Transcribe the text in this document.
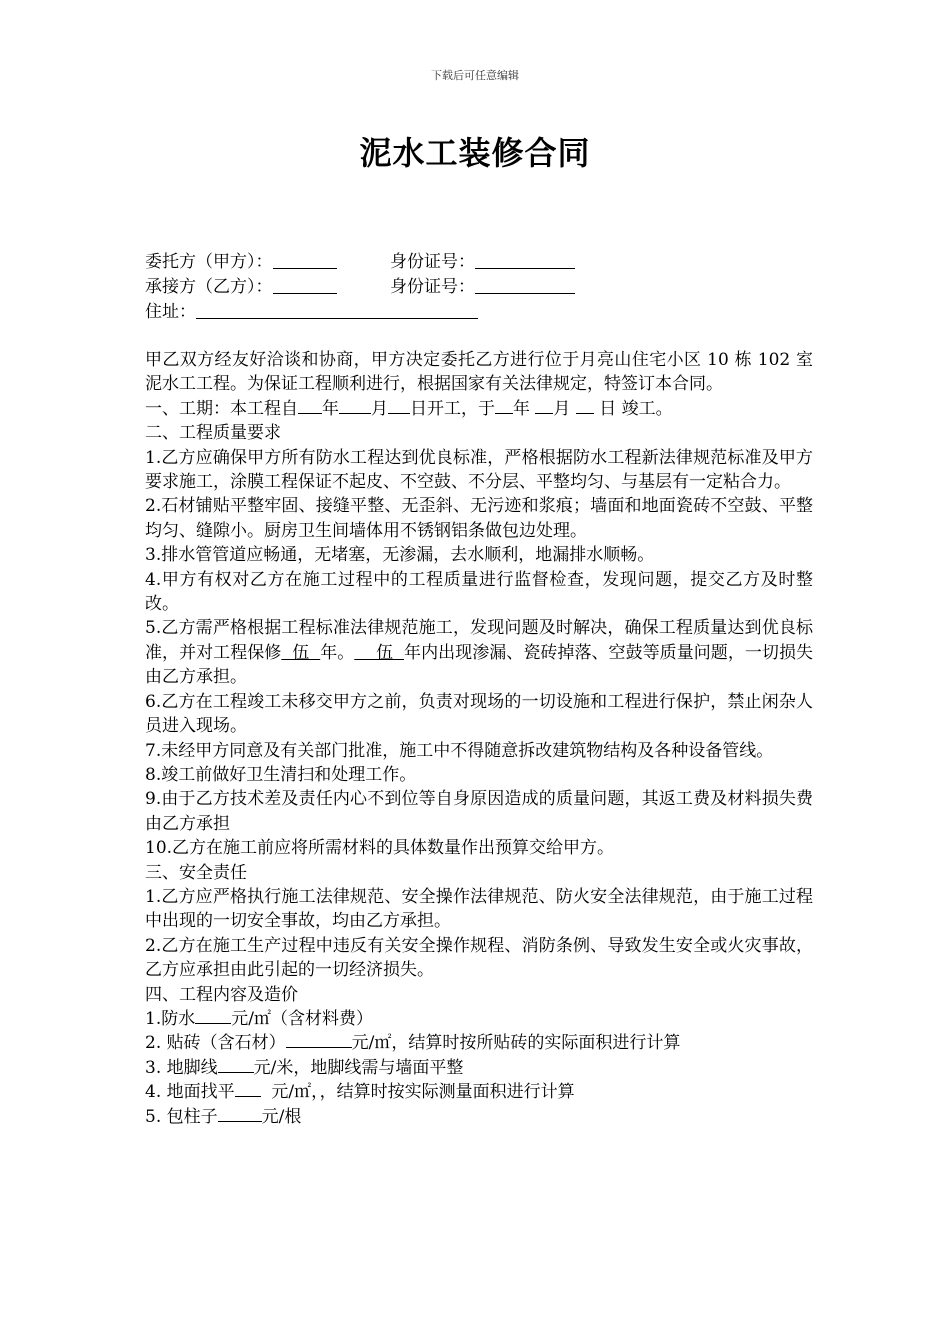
下载后可任意编辑
泥水工装修合同
委托方（甲方）：	身份证号：
承接方（乙方）：	身份证号：
住址：

甲乙双方经友好洽谈和协商，甲方决定委托乙方进行位于月亮山住宅小区 10 栋 102 室泥水工工程。为保证工程顺利进行，根据国家有关法律规定，特签订本合同。

一、工期：本工程自 年 月 日开工，于 年 月  日 竣工。

二、工程质量要求

1.乙方应确保甲方所有防水工程达到优良标准，严格根据防水工程新法律规范标准及甲方要求施工，涂膜工程保证不起皮、不空鼓、不分层、平整均匀、与基层有一定粘合力。

2.石材铺贴平整牢固、接缝平整、无歪斜、无污迹和浆痕；墙面和地面瓷砖不空鼓、平整均匀、缝隙小。厨房卫生间墙体用不锈钢铝条做包边处理。

3.排水管管道应畅通，无堵塞，无渗漏，去水顺利，地漏排水顺畅。

4.甲方有权对乙方在施工过程中的工程质量进行监督检查，发现问题，提交乙方及时整改。

5.乙方需严格根据工程标准法律规范施工，发现问题及时解决，确保工程质量达到优良标准，并对工程保修  伍  年。    伍  年内出现渗漏、瓷砖掉落、空鼓等质量问题，一切损失由乙方承担。

6.乙方在工程竣工未移交甲方之前，负责对现场的一切设施和工程进行保护，禁止闲杂人员进入现场。

7.未经甲方同意及有关部门批准，施工中不得随意拆改建筑物结构及各种设备管线。

8.竣工前做好卫生清扫和处理工作。

9.由于乙方技术差及责任内心不到位等自身原因造成的质量问题，其返工费及材料损失费由乙方承担

10.乙方在施工前应将所需材料的具体数量作出预算交给甲方。

三、安全责任

1.乙方应严格执行施工法律规范、安全操作法律规范、防火安全法律规范，由于施工过程中出现的一切安全事故，均由乙方承担。

2.乙方在施工生产过程中违反有关安全操作规程、消防条例、导致发生安全或火灾事故，乙方应承担由此引起的一切经济损失。

四、工程内容及造价

1.防水 元/㎡（含材料费）

2. 贴砖（含石材）	元/㎡，结算时按所贴砖的实际面积进行计算

3. 地脚线 元/米，地脚线需与墙面平整

4. 地面找平  元/㎡，，结算时按实际测量面积进行计算

5. 包柱子	元/根
